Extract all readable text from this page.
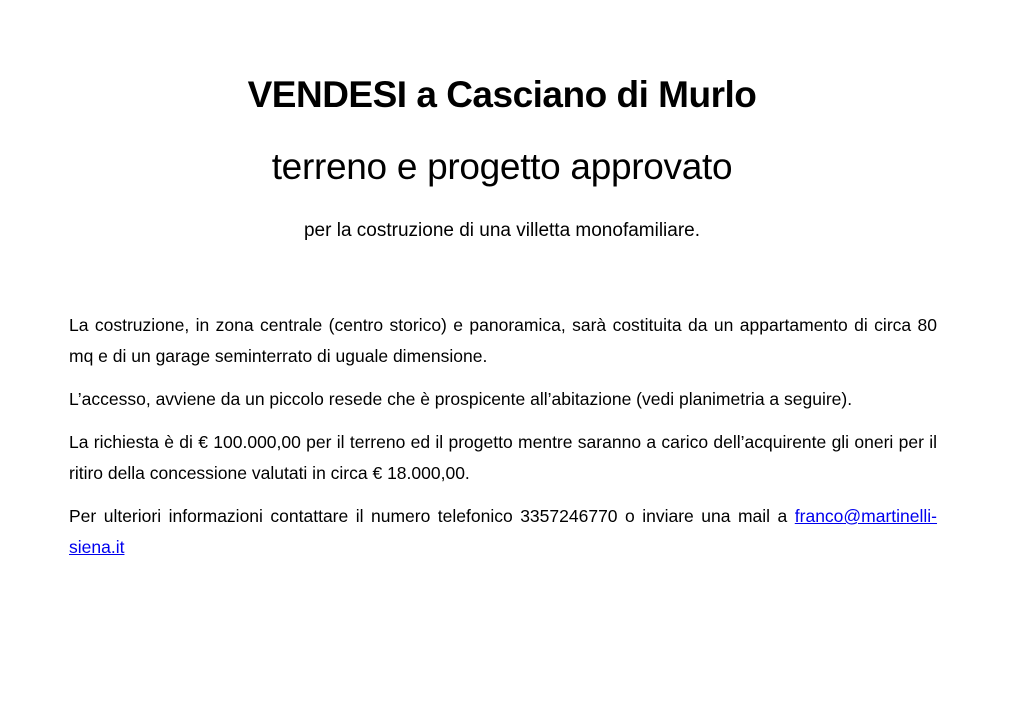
VENDESI a Casciano di Murlo
terreno e progetto approvato

per la costruzione di una villetta monofamiliare.

La costruzione, in zona centrale (centro storico) e panoramica, sarà costituita da un appartamento di circa 80 mq e di un garage seminterrato di uguale dimensione.

L’accesso, avviene da un piccolo resede che è prospicente all’abitazione (vedi planimetria a seguire).

La richiesta è di € 100.000,00 per il terreno ed il progetto mentre saranno a carico dell’acquirente gli oneri per il ritiro della concessione valutati in circa € 18.000,00.

Per ulteriori informazioni contattare il numero telefonico 3357246770 o inviare una mail a franco@martinelli-siena.it
